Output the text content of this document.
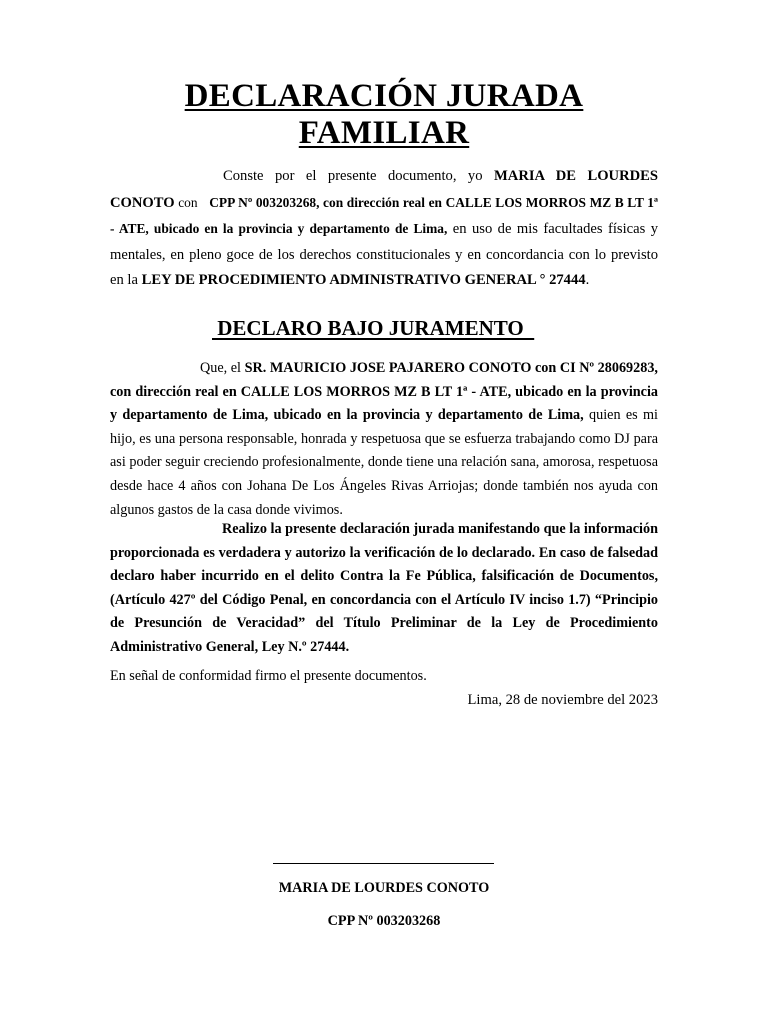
DECLARACIÓN JURADA
FAMILIAR

Conste por el presente documento, yo MARIA DE LOURDES CONOTO con CPP Nº 003203268, con dirección real en CALLE LOS MORROS MZ B LT 1ª - ATE, ubicado en la provincia y departamento de Lima, en uso de mis facultades físicas y mentales, en pleno goce de los derechos constitucionales y en concordancia con lo previsto en la LEY DE PROCEDIMIENTO ADMINISTRATIVO GENERAL ° 27444.

DECLARO BAJO JURAMENTO

Que, el SR. MAURICIO JOSE PAJARERO CONOTO con CI Nº 28069283, con dirección real en CALLE LOS MORROS MZ B LT 1ª - ATE, ubicado en la provincia y departamento de Lima, ubicado en la provincia y departamento de Lima, quien es mi hijo, es una persona responsable, honrada y respetuosa que se esfuerza trabajando como DJ para asi poder seguir creciendo profesionalmente, donde tiene una relación sana, amorosa, respetuosa desde hace 4 años con Johana De Los Ángeles Rivas Arriojas; donde también nos ayuda con algunos gastos de la casa donde vivimos.

Realizo la presente declaración jurada manifestando que la información proporcionada es verdadera y autorizo la verificación de lo declarado. En caso de falsedad declaro haber incurrido en el delito Contra la Fe Pública, falsificación de Documentos, (Artículo 427º del Código Penal, en concordancia con el Artículo IV inciso 1.7) “Principio de Presunción de Veracidad” del Título Preliminar de la Ley de Procedimiento Administrativo General, Ley N.º 27444.

En señal de conformidad firmo el presente documentos.
Lima, 28 de noviembre del 2023
MARIA DE LOURDES CONOTO
CPP Nº 003203268
